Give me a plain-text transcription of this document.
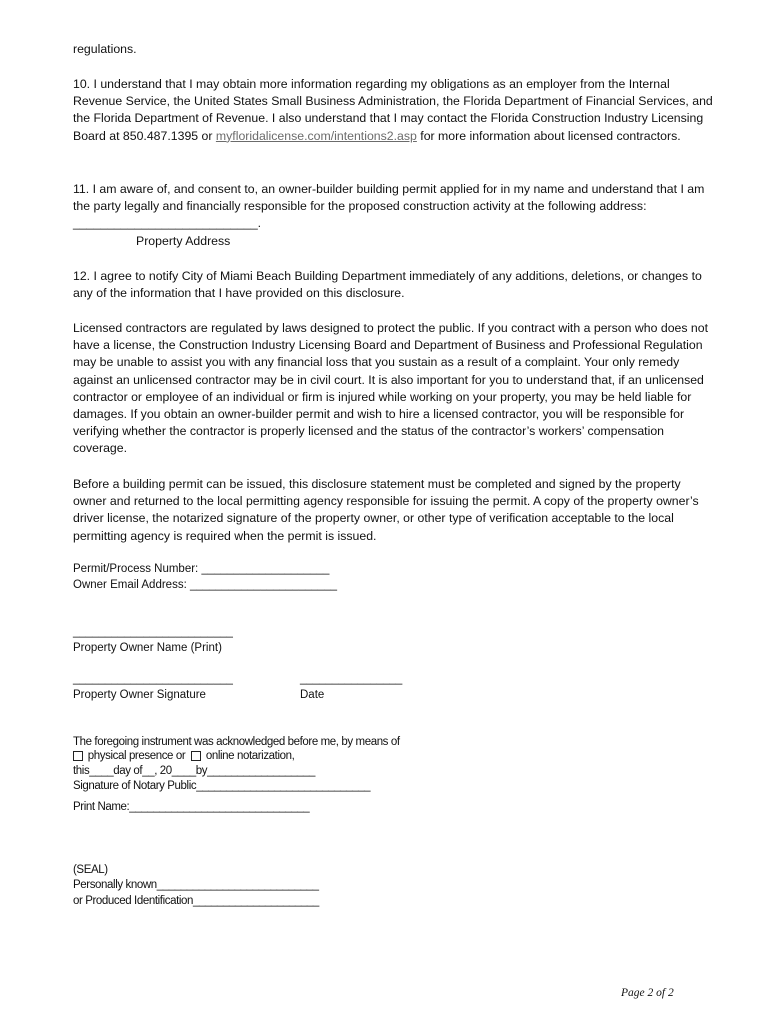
regulations.

10. I understand that I may obtain more information regarding my obligations as an employer from the Internal Revenue Service, the United States Small Business Administration, the Florida Department of Financial Services, and the Florida Department of Revenue. I also understand that I may contact the Florida Construction Industry Licensing Board at 850.487.1395 or myfloridalicense.com/intentions2.asp for more information about licensed contractors.

11. I am aware of, and consent to, an owner-builder building permit applied for in my name and understand that I am the party legally and financially responsible for the proposed construction activity at the following address: ___________________________.

Property Address

12. I agree to notify City of Miami Beach Building Department immediately of any additions, deletions, or changes to any of the information that I have provided on this disclosure.

Licensed contractors are regulated by laws designed to protect the public. If you contract with a person who does not have a license, the Construction Industry Licensing Board and Department of Business and Professional Regulation may be unable to assist you with any financial loss that you sustain as a result of a complaint. Your only remedy against an unlicensed contractor may be in civil court. It is also important for you to understand that, if an unlicensed contractor or employee of an individual or firm is injured while working on your property, you may be held liable for damages. If you obtain an owner-builder permit and wish to hire a licensed contractor, you will be responsible for verifying whether the contractor is properly licensed and the status of the contractor’s workers’ compensation coverage.

Before a building permit can be issued, this disclosure statement must be completed and signed by the property owner and returned to the local permitting agency responsible for issuing the permit. A copy of the property owner’s driver license, the notarized signature of the property owner, or other type of verification acceptable to the local permitting agency is required when the permit is issued.

Permit/Process Number: ____________________
Owner Email Address: _______________________
_________________________
Property Owner Name (Print)
_________________________	________________
Property Owner Signature	Date
The foregoing instrument was acknowledged before me, by means of
physical presence or online notarization,
this____day of__, 20____by__________________
Signature of Notary Public_____________________________
Print Name:______________________________
(SEAL)
Personally known___________________________
or Produced Identification_____________________
Page 2 of 2
